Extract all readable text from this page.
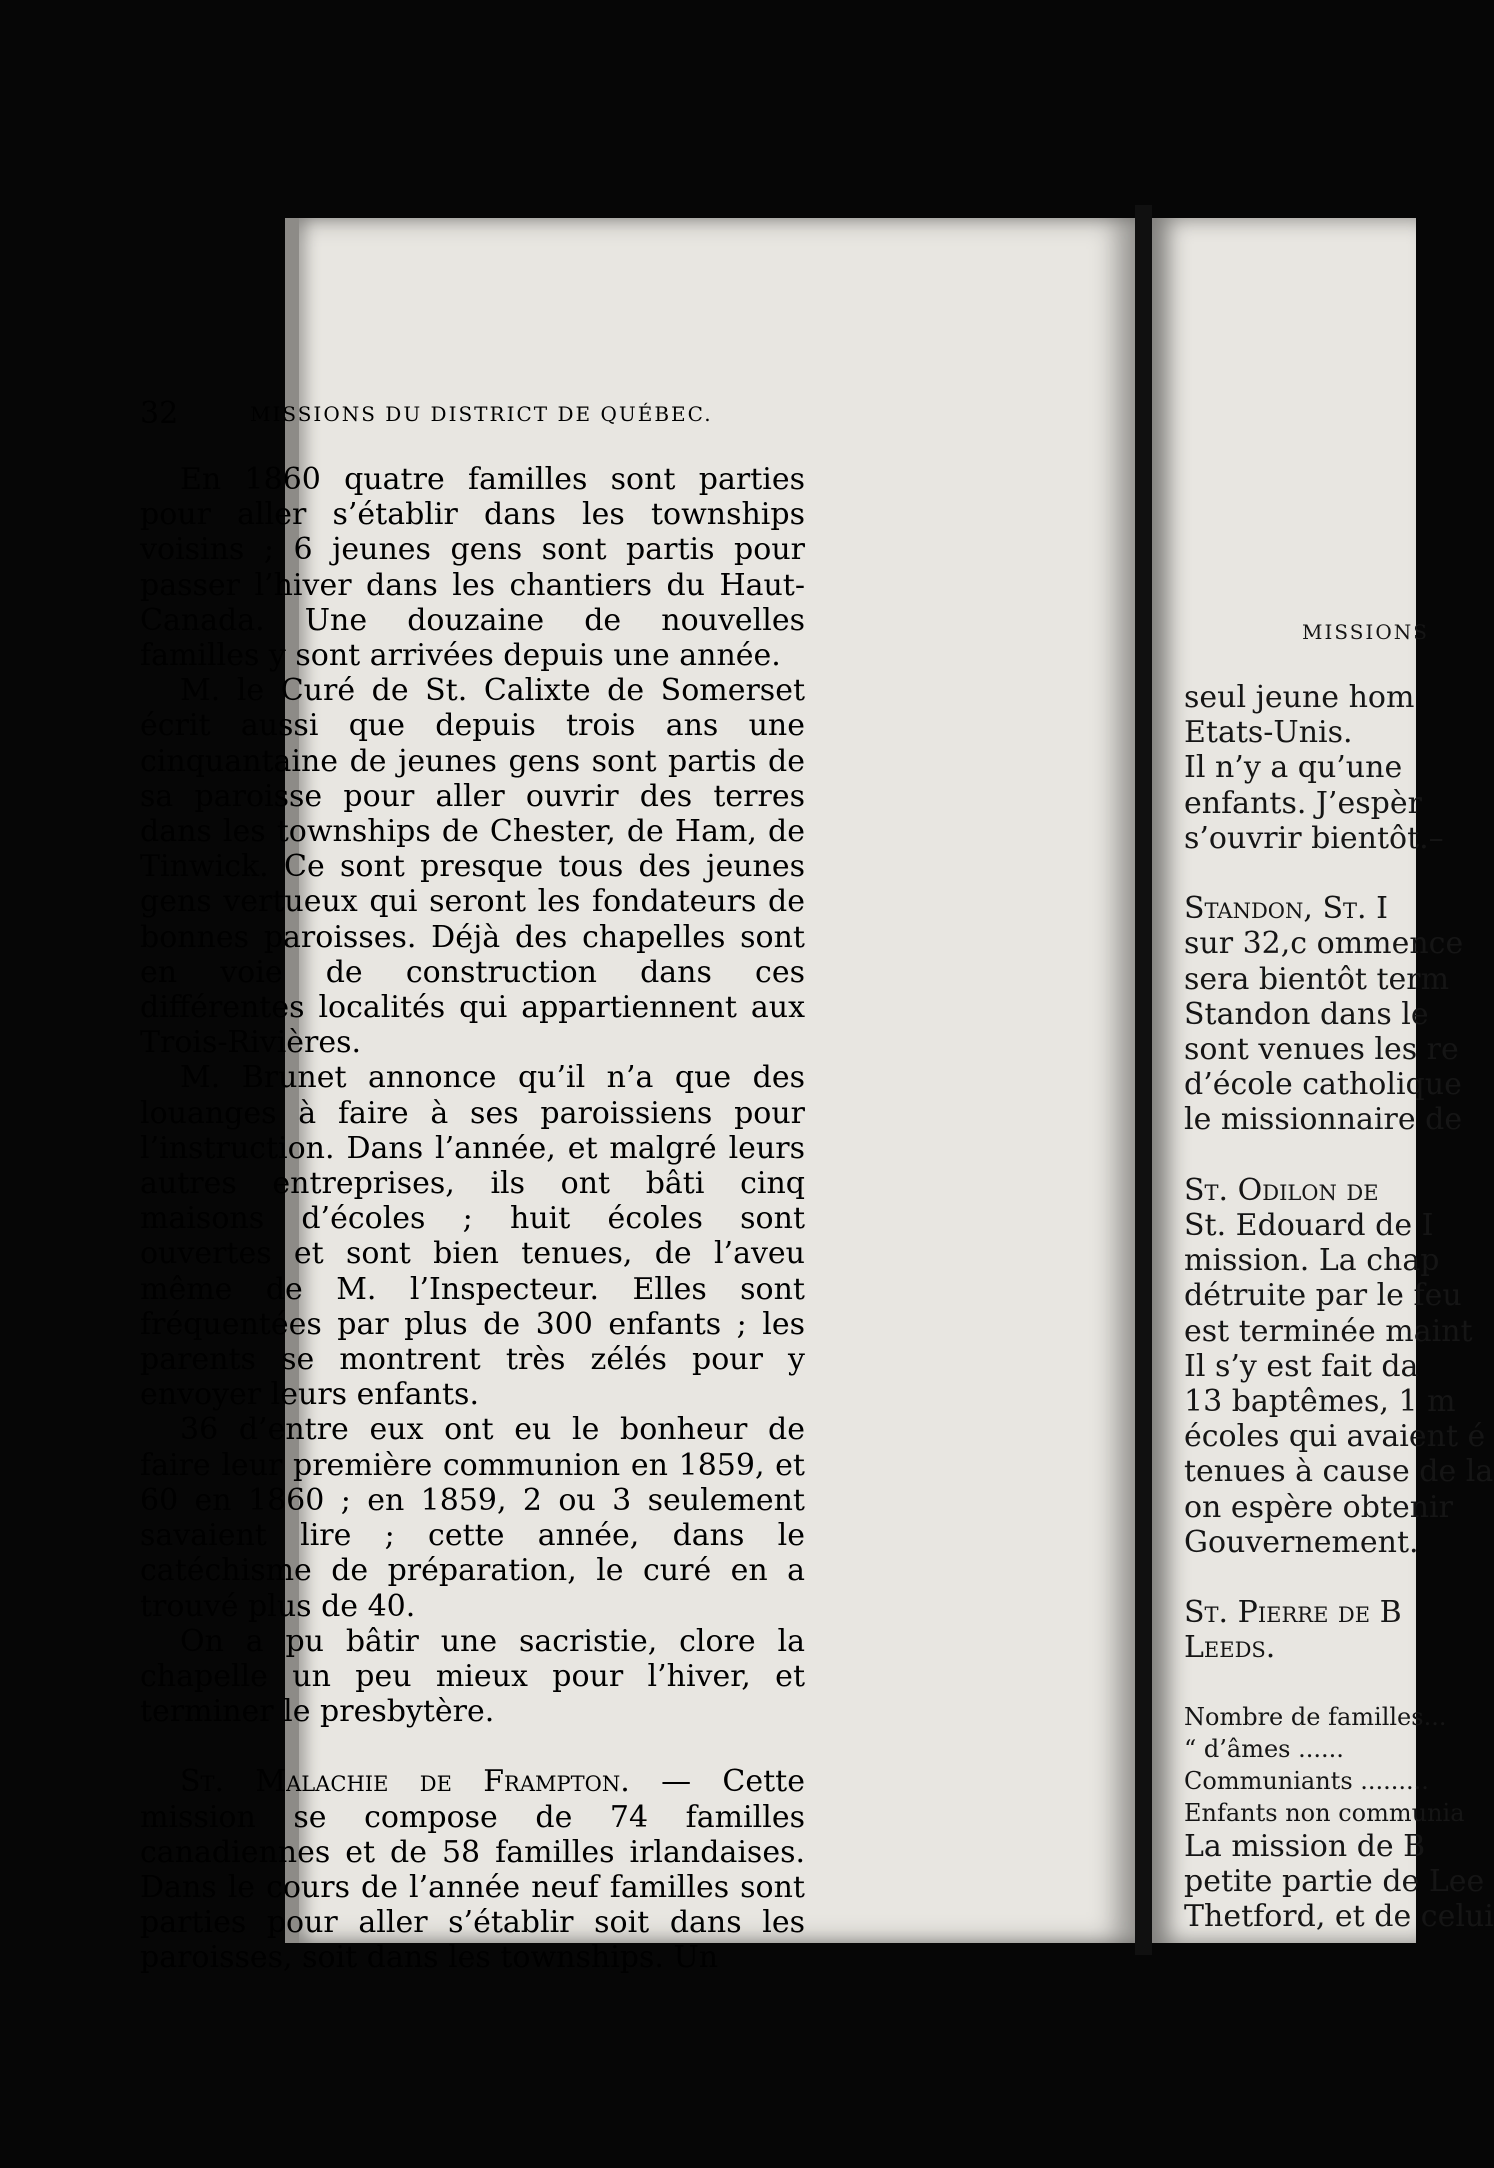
MISSIONS
seul jeune hom
Etats-Unis.
Il n’y a qu’une
enfants. J’espèr
s’ouvrir bientôt.–

Standon, St. I
sur 32,c ommence
sera bientôt term
Standon dans le
sont venues les re
d’école catholique
le missionnaire de

St. Odilon de
St. Edouard de I
mission. La chap
détruite par le feu
est terminée maint
Il s’y est fait da
13 baptêmes, 1 m
écoles qui avaient é
tenues à cause de la
on espère obtenir
Gouvernement.

St. Pierre de B
Leeds.

Nombre de familles...
“ d’âmes ......
Communiants .........
Enfants non communia
La mission de B
petite partie de Lee
Thetford, et de celui
32	MISSIONS DU DISTRICT DE QUÉBEC.

En 1860 quatre familles sont parties pour aller s’établir dans les townships voisins ; 6 jeunes gens sont partis pour passer l’hiver dans les chantiers du Haut-Canada. Une douzaine de nouvelles familles y sont arrivées depuis une année.

M. le Curé de St. Calixte de Somerset écrit aussi que depuis trois ans une cinquantaine de jeunes gens sont partis de sa paroisse pour aller ouvrir des terres dans les townships de Chester, de Ham, de Tinwick. Ce sont presque tous des jeunes gens vertueux qui seront les fondateurs de bonnes paroisses. Déjà des chapelles sont en voie de construction dans ces différentes localités qui appartiennent aux Trois-Rivières.

M. Brunet annonce qu’il n’a que des louanges à faire à ses paroissiens pour l’instruction. Dans l’année, et malgré leurs autres entreprises, ils ont bâti cinq maisons d’écoles ; huit écoles sont ouvertes et sont bien tenues, de l’aveu même de M. l’Inspecteur. Elles sont fréquentées par plus de 300 enfants ; les parents se montrent très zélés pour y envoyer leurs enfants.

36 d’entre eux ont eu le bonheur de faire leur première communion en 1859, et 60 en 1860 ; en 1859, 2 ou 3 seulement savaient lire ; cette année, dans le catéchisme de préparation, le curé en a trouvé plus de 40.

On a pu bâtir une sacristie, clore la chapelle un peu mieux pour l’hiver, et terminer le presbytère.

St. Malachie de Frampton. — Cette mission se compose de 74 familles canadiennes et de 58 familles irlandaises. Dans le cours de l’année neuf familles sont parties pour aller s’établir soit dans les paroisses, soit dans les townships. Un
